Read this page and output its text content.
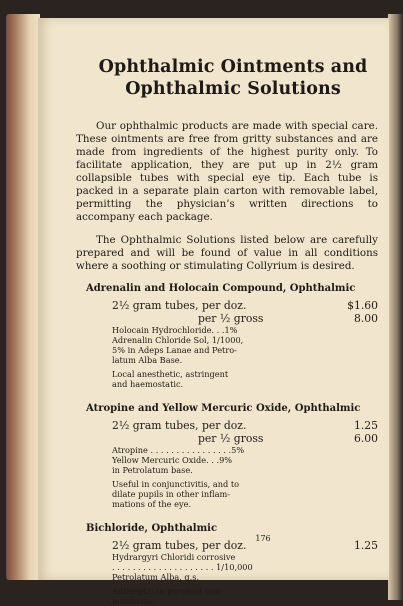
Ophthalmic Ointments and
Ophthalmic Solutions

Our ophthalmic products are made with special care. These ointments are free from gritty substances and are made from ingredients of the highest purity only. To facilitate application, they are put up in 2½ gram collapsible tubes with special eye tip. Each tube is packed in a separate plain carton with removable label, permitting the physician’s written directions to accompany each package.

The Ophthalmic Solutions listed below are carefully prepared and will be found of value in all conditions where a soothing or stimulating Collyrium is desired.

Adrenalin and Holocain Compound, Ophthalmic
2½ gram tubes, per doz.	$1.60
per ½ gross	8.00
Holocain Hydrochloride. . .1%
Adrenalin Chloride Sol, 1/1000,
5% in Adeps Lanae and Petro-
latum Alba Base.
Local anesthetic, astringent
and haemostatic.
Atropine and Yellow Mercuric Oxide, Ophthalmic
2½ gram tubes, per doz.	1.25
per ½ gross	6.00
Atropine . . . . . . . . . . . . . . . .5%
Yellow Mercuric Oxide. . .9%
in Petrolatum base.
Useful in conjunctivitis, and to
dilate pupils in other inflam-
mations of the eye.
Bichloride, Ophthalmic
2½ gram tubes, per doz.	1.25
Hydrargyri Chloridi corrosive
. . . . . . . . . . . . . . . . . . . . 1/10,000
Petrolatum Alba, q.s.
Antiseptic in purulent con-
junctivitis.
176
